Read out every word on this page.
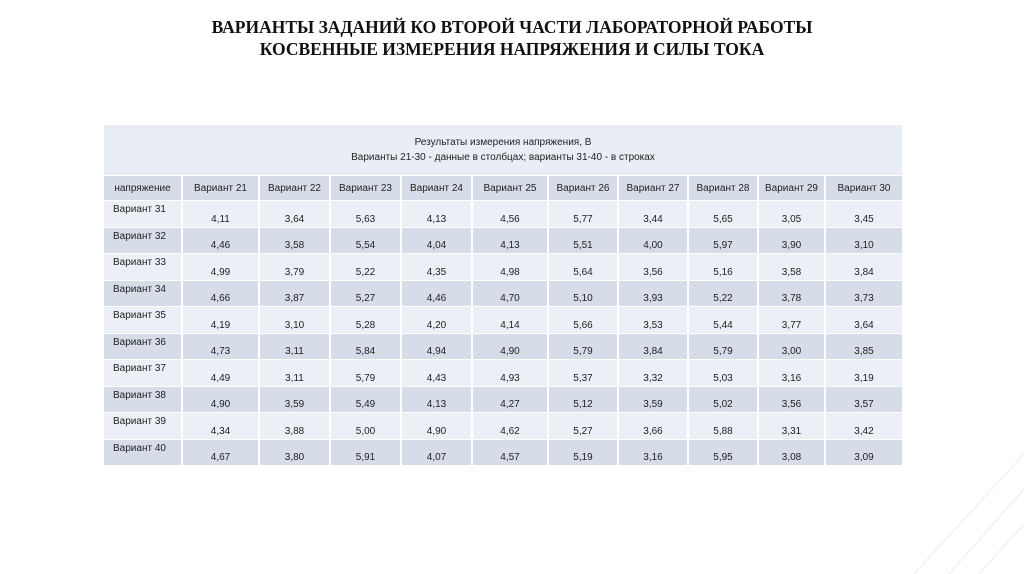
ВАРИАНТЫ ЗАДАНИЙ КО ВТОРОЙ ЧАСТИ ЛАБОРАТОРНОЙ РАБОТЫ
КОСВЕННЫЕ ИЗМЕРЕНИЯ НАПРЯЖЕНИЯ И СИЛЫ ТОКА
Результаты измерения напряжения, В
Варианты 21-30 - данные в столбцах; варианты 31-40 - в строках										

напряжение	Вариант 21	Вариант 22	Вариант 23	Вариант 24	Вариант 25	Вариант 26	Вариант 27	Вариант 28	Вариант 29	Вариант 30
Вариант 31	4,11	3,64	5,63	4,13	4,56	5,77	3,44	5,65	3,05	3,45
Вариант 32	4,46	3,58	5,54	4,04	4,13	5,51	4,00	5,97	3,90	3,10
Вариант 33	4,99	3,79	5,22	4,35	4,98	5,64	3,56	5,16	3,58	3,84
Вариант 34	4,66	3,87	5,27	4,46	4,70	5,10	3,93	5,22	3,78	3,73
Вариант 35	4,19	3,10	5,28	4,20	4,14	5,66	3,53	5,44	3,77	3,64
Вариант 36	4,73	3,11	5,84	4,94	4,90	5,79	3,84	5,79	3,00	3,85
Вариант 37	4,49	3,11	5,79	4,43	4,93	5,37	3,32	5,03	3,16	3,19
Вариант 38	4,90	3,59	5,49	4,13	4,27	5,12	3,59	5,02	3,56	3,57
Вариант 39	4,34	3,88	5,00	4,90	4,62	5,27	3,66	5,88	3,31	3,42
Вариант 40	4,67	3,80	5,91	4,07	4,57	5,19	3,16	5,95	3,08	3,09
